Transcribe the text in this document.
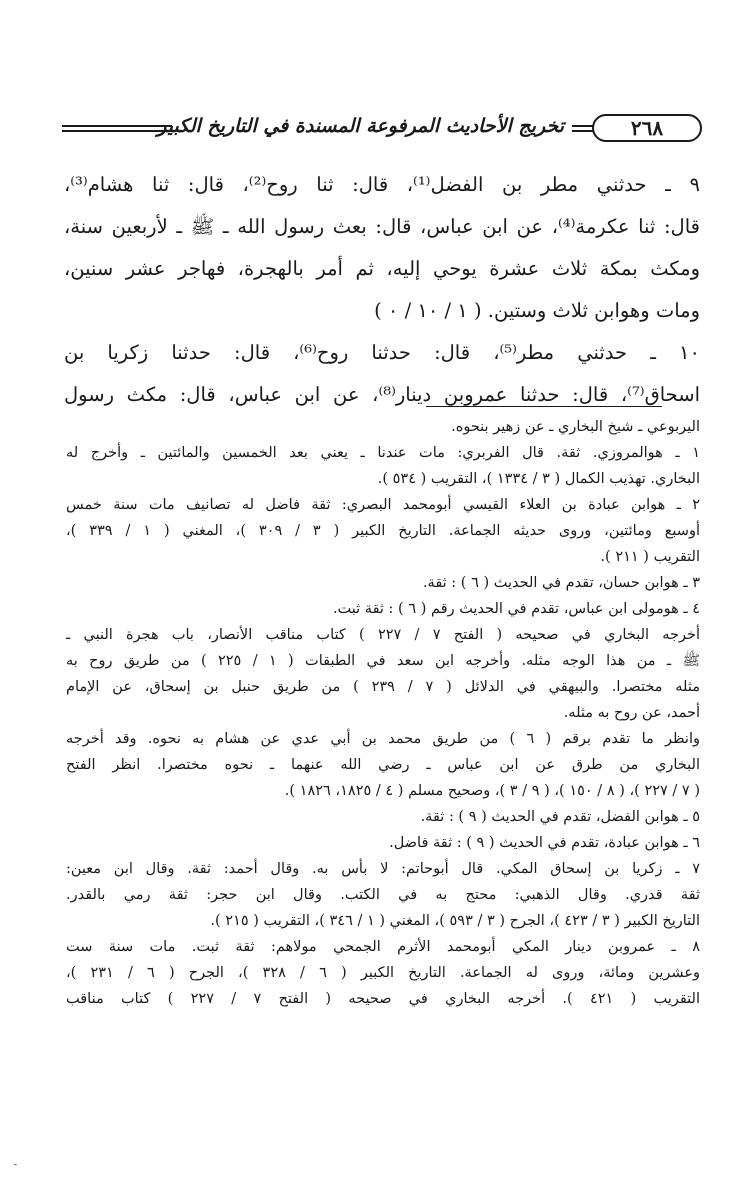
تخريج الأحاديث المرفوعة المسندة في التاريخ الكبير	٢٦٨
٩ ـ حدثني مطر بن الفضل⁽¹⁾، قال: ثنا روح⁽²⁾، قال: ثنا هشام⁽³⁾،
قال: ثنا عكرمة⁽⁴⁾، عن ابن عباس، قال: بعث رسول الله ـ ﷺ ـ لأربعين سنة،
ومكث بمكة ثلاث عشرة يوحي إليه، ثم أمر بالهجرة، فهاجر عشر سنين،
ومات وهوابن ثلاث وستين. ( ١ / ١٠ / ٠ )
١٠ ـ حدثني مطر⁽⁵⁾، قال: حدثنا روح⁽⁶⁾، قال: حدثنا زكريا بن
اسحاق⁽⁷⁾، قال: حدثنا عمروبن دينار⁽⁸⁾، عن ابن عباس، قال: مكث رسول
اليربوعي ـ شيخ البخاري ـ عن زهير بنحوه.
١ ـ هوالمروزي. ثقة. قال الفربري: مات عندنا ـ يعني بعد الخمسين والمائتين ـ وأخرج له
البخاري. تهذيب الكمال ( ٣ / ١٣٣٤ )، التقريب ( ٥٣٤ ).
٢ ـ هوابن عبادة بن العلاء القيسي أبومحمد البصري: ثقة فاضل له تصانيف مات سنة خمس
أوسبع ومائتين، وروى حديثه الجماعة. التاريخ الكبير ( ٣ / ٣٠٩ )، المغني ( ١ / ٣٣٩ )،
التقريب ( ٢١١ ).
٣ ـ هوابن حسان، تقدم في الحديث ( ٦ ) : ثقة.
٤ ـ هومولى ابن عباس، تقدم في الحديث رقم ( ٦ ) : ثقة ثبت.
أخرجه البخاري في صحيحه ( الفتح ٧ / ٢٢٧ ) كتاب مناقب الأنصار، باب هجرة النبي ـ
ﷺ ـ من هذا الوجه مثله. وأخرجه ابن سعد في الطبقات ( ١ / ٢٢٥ ) من طريق روح به
مثله مختصرا. والبيهقي في الدلائل ( ٧ / ٢٣٩ ) من طريق حنبل بن إسحاق، عن الإمام
أحمد، عن روح به مثله.
وانظر ما تقدم برقم ( ٦ ) من طريق محمد بن أبي عدي عن هشام به نحوه. وقد أخرجه
البخاري من طرق عن ابن عباس ـ رضي الله عنهما ـ نحوه مختصرا. انظر الفتح
( ٧ / ٢٢٧ )، ( ٨ / ١٥٠ )، ( ٩ / ٣ )، وصحيح مسلم ( ٤ / ١٨٢٥، ١٨٢٦ ).
٥ ـ هوابن الفضل، تقدم في الحديث ( ٩ ) : ثقة.
٦ ـ هوابن عبادة، تقدم في الحديث ( ٩ ) : ثقة فاضل.
٧ ـ زكريا بن إسحاق المكي. قال أبوحاتم: لا بأس به. وقال أحمد: ثقة. وقال ابن معين:
ثقة قدري. وقال الذهبي: محتج به في الكتب. وقال ابن حجر: ثقة رمي بالقدر.
التاريخ الكبير ( ٣ / ٤٢٣ )، الجرح ( ٣ / ٥٩٣ )، المغني ( ١ / ٣٤٦ )، التقريب ( ٢١٥ ).
٨ ـ عمروبن دينار المكي أبومحمد الأثرم الجمحي مولاهم: ثقة ثبت. مات سنة ست
وعشرين ومائة، وروى له الجماعة. التاريخ الكبير ( ٦ / ٣٢٨ )، الجرح ( ٦ / ٢٣١ )،
التقريب ( ٤٢١ ). أخرجه البخاري في صحيحه ( الفتح ٧ / ٢٢٧ ) كتاب مناقب
ـ
